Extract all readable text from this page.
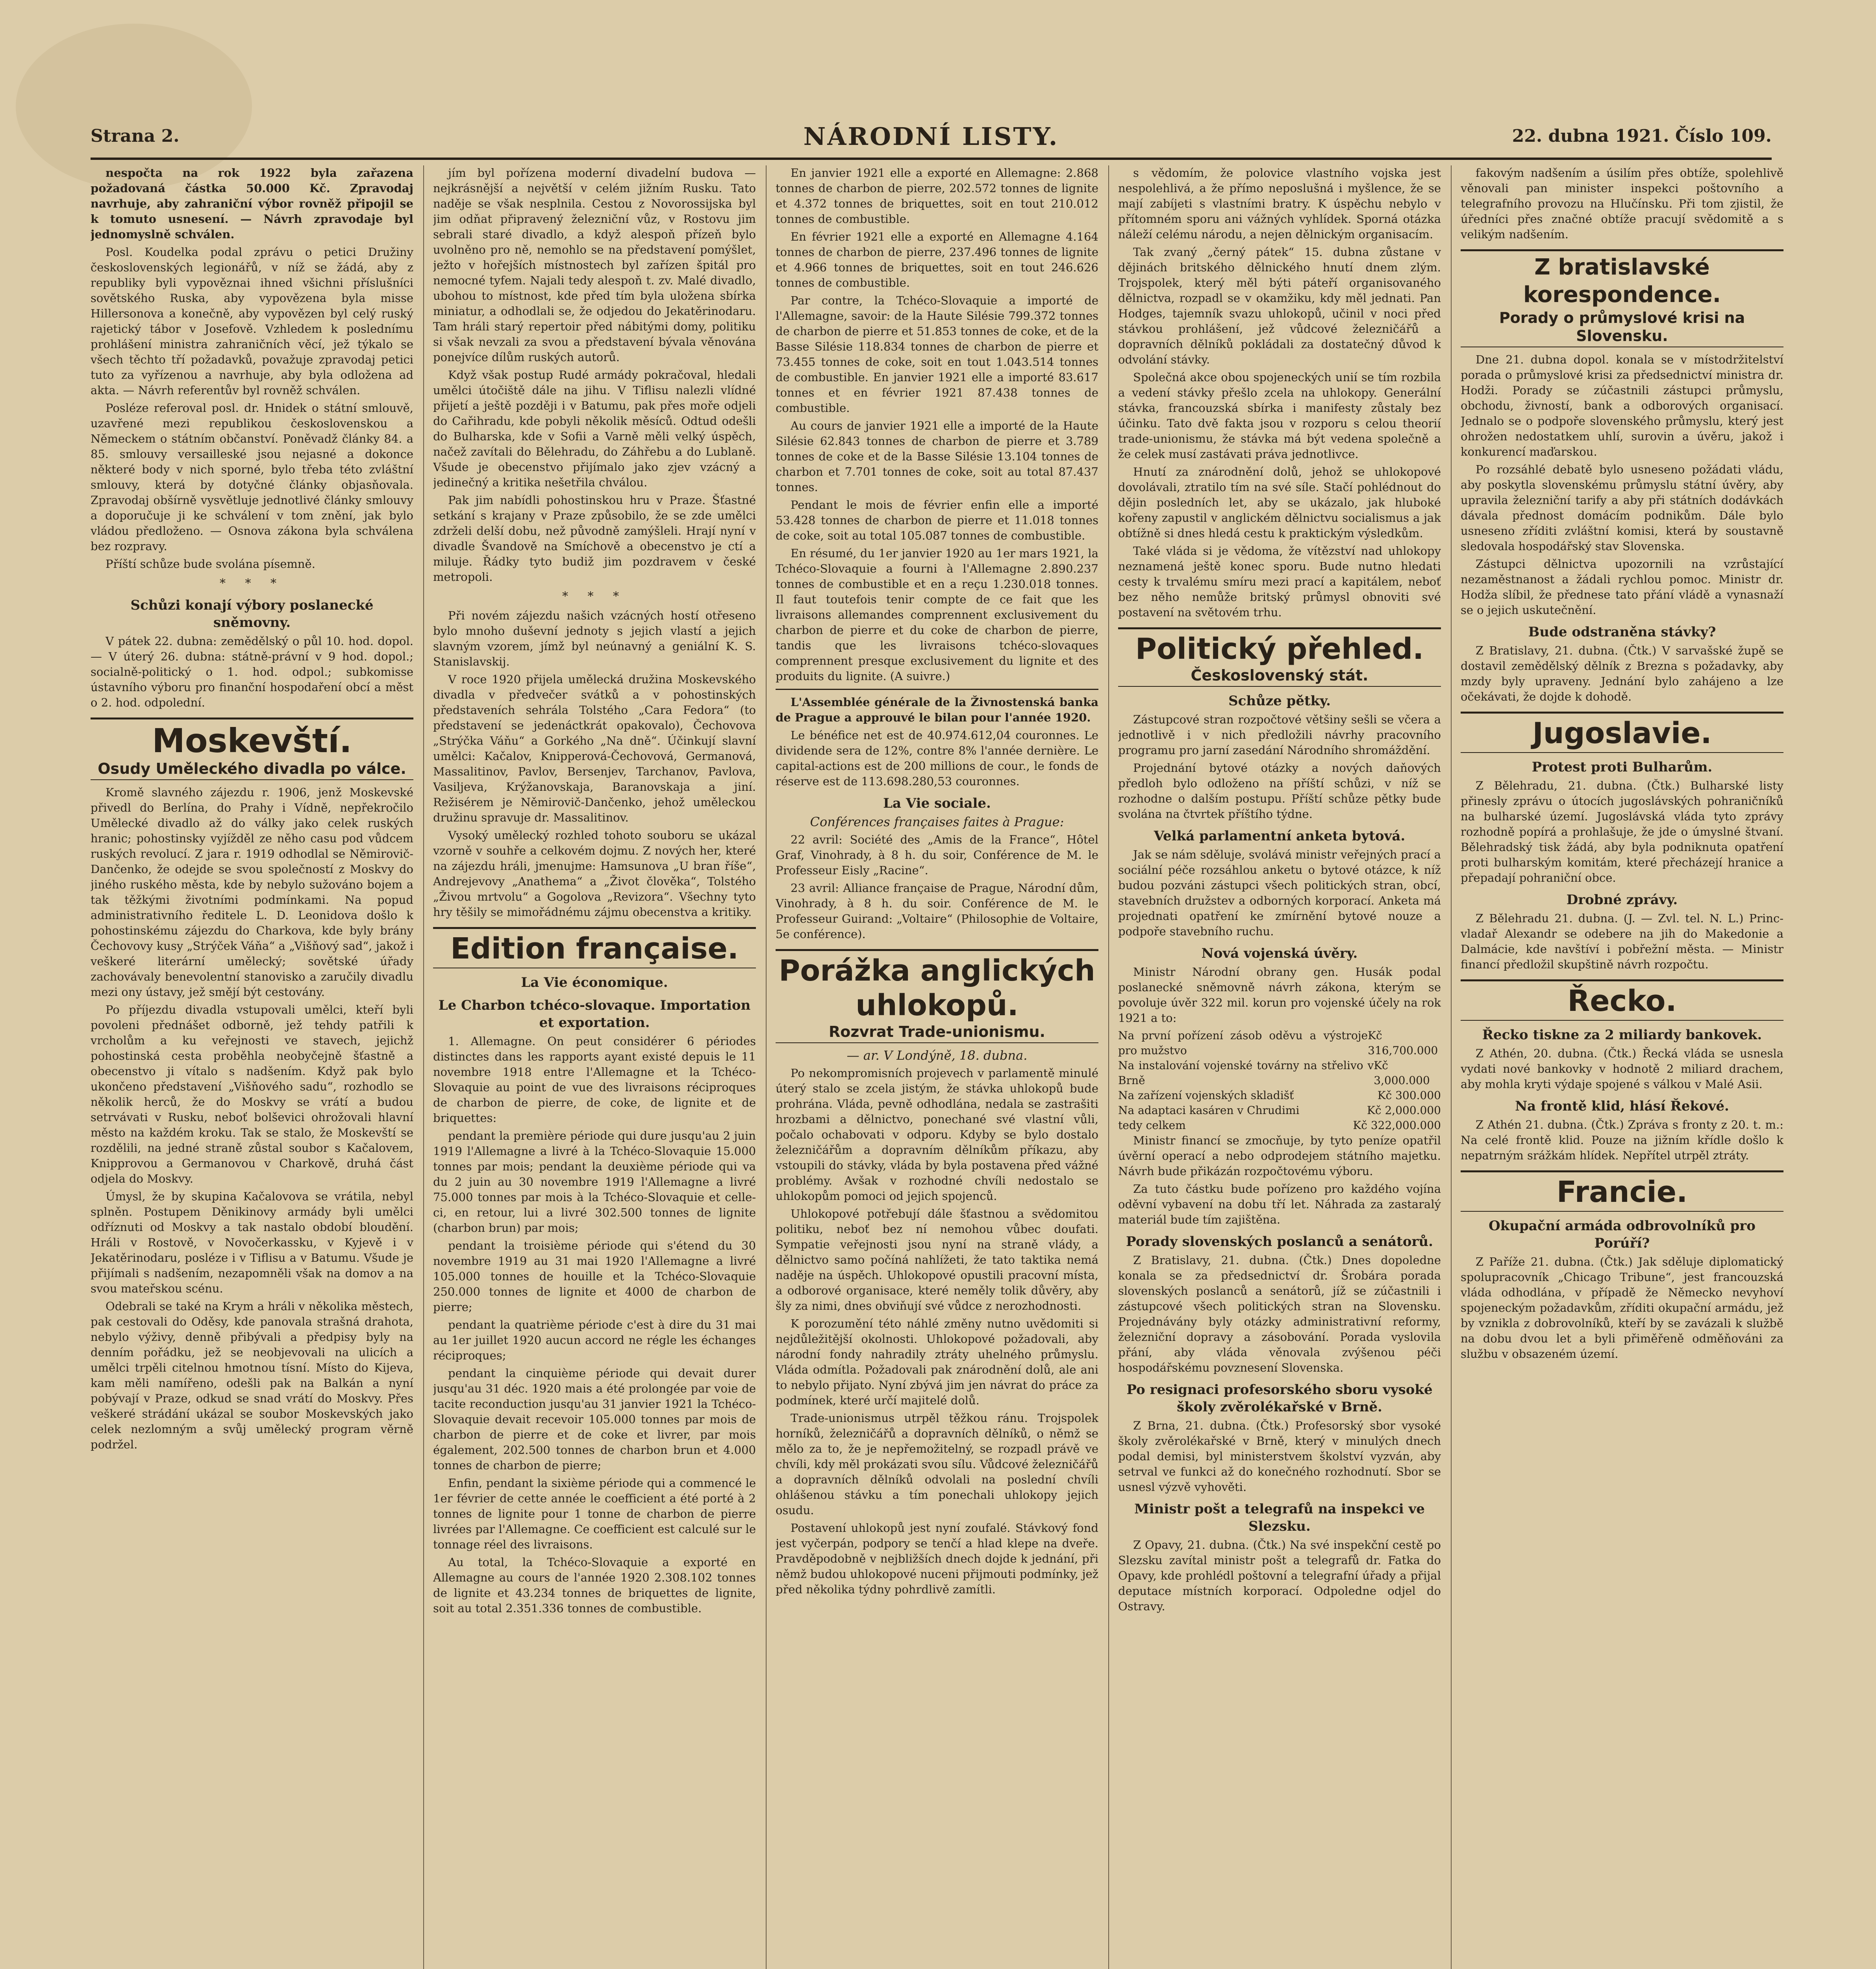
Strana 2.	NÁRODNÍ LISTY.	22. dubna 1921. Číslo 109.

nespočta na rok 1922 byla zařazena požadovaná částka 50.000 Kč. Zpravodaj navrhuje, aby zahraniční výbor rovněž připojil se k tomuto usnesení. — Návrh zpravodaje byl jednomyslně schválen.

Posl. Koudelka podal zprávu o petici Družiny československých legionářů, v níž se žádá, aby z republiky byli vypověznai ihned všichni příslušníci sovětského Ruska, aby vypovězena byla misse Hillersonova a konečně, aby vypovězen byl celý ruský rajetický tábor v Josefově. Vzhledem k poslednímu prohlášení ministra zahraničních věcí, jež týkalo se všech těchto tří požadavků, považuje zpravodaj petici tuto za vyřízenou a navrhuje, aby byla odložena ad akta. — Návrh referentův byl rovněž schválen.

Posléze referoval posl. dr. Hnidek o státní smlouvě, uzavřené mezi republikou československou a Německem o státním občanství. Poněvadž články 84. a 85. smlouvy versailleské jsou nejasné a dokonce některé body v nich sporné, bylo třeba této zvláštní smlouvy, která by dotyčné články objasňovala. Zpravodaj obšírně vysvětluje jednotlivé články smlouvy a doporučuje ji ke schválení v tom znění, jak bylo vládou předloženo. — Osnova zákona byla schválena bez rozpravy.

Příští schůze bude svolána písemně.

* * *
Schůzi konají výbory poslanecké sněmovny.

V pátek 22. dubna: zemědělský o půl 10. hod. dopol. — V úterý 26. dubna: státně-právní v 9 hod. dopol.; socialně-politický o 1. hod. odpol.; subkomisse ústavního výboru pro finanční hospodaření obcí a měst o 2. hod. odpolední.

Moskevští.
Osudy Uměleckého divadla po válce.

Kromě slavného zájezdu r. 1906, jenž Moskevské přivedl do Berlína, do Prahy i Vídně, nepřekročilo Umělecké divadlo až do války jako celek ruských hranic; pohostinsky vyjížděl ze něho casu pod vůdcem ruských revolucí. Z jara r. 1919 odhodlal se Němirovič-Dančenko, že odejde se svou společností z Moskvy do jiného ruského města, kde by nebylo sužováno bojem a tak těžkými životními podmínkami. Na popud administrativního ředitele L. D. Leonidova došlo k pohostinskému zájezdu do Charkova, kde byly brány Čechovovy kusy „Strýček Váňa“ a „Višňový sad“, jakož i veškeré literární umělecký; sovětské úřady zachovávaly benevolentní stanovisko a zaručily divadlu mezi ony ústavy, jež smějí být cestovány.

Po příjezdu divadla vstupovali umělci, kteří byli povoleni přednášet odborně, jež tehdy patřili k vrcholům a ku veřejnosti ve stavech, jejichž pohostinská cesta proběhla neobyčejně šťastně a obecenstvo ji vítalo s nadšením. Když pak bylo ukončeno představení „Višňového sadu“, rozhodlo se několik herců, že do Moskvy se vrátí a budou setrvávati v Rusku, neboť bolševici ohrožovali hlavní město na každém kroku. Tak se stalo, že Moskevští se rozdělili, na jedné straně zůstal soubor s Kačalovem, Knipprovou a Germanovou v Charkově, druhá část odjela do Moskvy.

Úmysl, že by skupina Kačalovova se vrátila, nebyl splněn. Postupem Děnikinovy armády byli umělci odříznuti od Moskvy a tak nastalo období bloudění. Hráli v Rostově, v Novočerkassku, v Kyjevě i v Jekatěrinodaru, posléze i v Tiflisu a v Batumu. Všude je přijímali s nadšením, nezapomněli však na domov a na svou mateřskou scénu.

Odebrali se také na Krym a hráli v několika městech, pak cestovali do Oděsy, kde panovala strašná drahota, nebylo výživy, denně přibývali a předpisy byly na denním pořádku, jež se neobjevovali na ulicích a umělci trpěli citelnou hmotnou tísní. Místo do Kijeva, kam měli namířeno, odešli pak na Balkán a nyní pobývají v Praze, odkud se snad vrátí do Moskvy. Přes veškeré strádání ukázal se soubor Moskevských jako celek nezlomným a svůj umělecký program věrně podržel.

jím byl pořízena moderní divadelní budova — nejkrásnější a největší v celém jižním Rusku. Tato naděje se však nesplnila. Cestou z Novorossijska byl jim odňat připravený železniční vůz, v Rostovu jim sebrali staré divadlo, a když alespoň přízeň bylo uvolněno pro ně, nemohlo se na představení pomýšlet, ježto v hořejších místnostech byl zařízen špitál pro nemocné tyfem. Najali tedy alespoň t. zv. Malé divadlo, ubohou to místnost, kde před tím byla uložena sbírka miniatur, a odhodlali se, že odjedou do Jekatěrinodaru. Tam hráli starý repertoir před nábitými domy, politiku si však nevzali za svou a představení bývala věnována ponejvíce dílům ruských autorů.

Když však postup Rudé armády pokračoval, hledali umělci útočiště dále na jihu. V Tiflisu nalezli vlídné přijetí a ještě později i v Batumu, pak přes moře odjeli do Cařihradu, kde pobyli několik měsíců. Odtud odešli do Bulharska, kde v Sofii a Varně měli velký úspěch, načež zavítali do Bělehradu, do Záhřebu a do Lublaně. Všude je obecenstvo přijímalo jako zjev vzácný a jedinečný a kritika nešetřila chválou.

Pak jim nabídli pohostinskou hru v Praze. Šťastné setkání s krajany v Praze způsobilo, že se zde umělci zdrželi delší dobu, než původně zamýšleli. Hrají nyní v divadle Švandově na Smíchově a obecenstvo je ctí a miluje. Řádky tyto budiž jim pozdravem v české metropoli.

* * *

Při novém zájezdu našich vzácných hostí otřeseno bylo mnoho duševní jednoty s jejich vlastí a jejich slavným vzorem, jímž byl neúnavný a geniální K. S. Stanislavskij.

V roce 1920 přijela umělecká družina Moskevského divadla v předvečer svátků a v pohostinských představeních sehrála Tolstého „Cara Fedora“ (to představení se jedenáctkrát opakovalo), Čechovova „Strýčka Váňu“ a Gorkého „Na dně“. Účinkují slavní umělci: Kačalov, Knipperová-Čechovová, Germanová, Massalitinov, Pavlov, Bersenjev, Tarchanov, Pavlova, Vasiljeva, Krýžanovskaja, Baranovskaja a jiní. Režisérem je Němirovič-Dančenko, jehož uměleckou družinu spravuje dr. Massalitinov.

Vysoký umělecký rozhled tohoto souboru se ukázal vzorně v souhře a celkovém dojmu. Z nových her, které na zájezdu hráli, jmenujme: Hamsunova „U bran říše“, Andrejevovy „Anathema“ a „Život člověka“, Tolstého „Živou mrtvolu“ a Gogolova „Revizora“. Všechny tyto hry těšily se mimořádnému zájmu obecenstva a kritiky.

Edition française.
La Vie économique.
Le Charbon tchéco-slovaque. Importation et exportation.

1. Allemagne. On peut considérer 6 périodes distinctes dans les rapports ayant existé depuis le 11 novembre 1918 entre l'Allemagne et la Tchéco-Slovaquie au point de vue des livraisons réciproques de charbon de pierre, de coke, de lignite et de briquettes:

pendant la première période qui dure jusqu'au 2 juin 1919 l'Allemagne a livré à la Tchéco-Slovaquie 15.000 tonnes par mois; pendant la deuxième période qui va du 2 juin au 30 novembre 1919 l'Allemagne a livré 75.000 tonnes par mois à la Tchéco-Slovaquie et celle-ci, en retour, lui a livré 302.500 tonnes de lignite (charbon brun) par mois;

pendant la troisième période qui s'étend du 30 novembre 1919 au 31 mai 1920 l'Allemagne a livré 105.000 tonnes de houille et la Tchéco-Slovaquie 250.000 tonnes de lignite et 4000 de charbon de pierre;

pendant la quatrième période c'est à dire du 31 mai au 1er juillet 1920 aucun accord ne régle les échanges réciproques;

pendant la cinquième période qui devait durer jusqu'au 31 déc. 1920 mais a été prolongée par voie de tacite reconduction jusqu'au 31 janvier 1921 la Tchéco-Slovaquie devait recevoir 105.000 tonnes par mois de charbon de pierre et de coke et livrer, par mois également, 202.500 tonnes de charbon brun et 4.000 tonnes de charbon de pierre;

Enfin, pendant la sixième période qui a commencé le 1er février de cette année le coefficient a été porté à 2 tonnes de lignite pour 1 tonne de charbon de pierre livrées par l'Allemagne. Ce coefficient est calculé sur le tonnage réel des livraisons.

Au total, la Tchéco-Slovaquie a exporté en Allemagne au cours de l'année 1920 2.308.102 tonnes de lignite et 43.234 tonnes de briquettes de lignite, soit au total 2.351.336 tonnes de combustible.

En janvier 1921 elle a exporté en Allemagne: 2.868 tonnes de charbon de pierre, 202.572 tonnes de lignite et 4.372 tonnes de briquettes, soit en tout 210.012 tonnes de combustible.

En février 1921 elle a exporté en Allemagne 4.164 tonnes de charbon de pierre, 237.496 tonnes de lignite et 4.966 tonnes de briquettes, soit en tout 246.626 tonnes de combustible.

Par contre, la Tchéco-Slovaquie a importé de l'Allemagne, savoir: de la Haute Silésie 799.372 tonnes de charbon de pierre et 51.853 tonnes de coke, et de la Basse Silésie 118.834 tonnes de charbon de pierre et 73.455 tonnes de coke, soit en tout 1.043.514 tonnes de combustible. En janvier 1921 elle a importé 83.617 tonnes et en février 1921 87.438 tonnes de combustible.

Au cours de janvier 1921 elle a importé de la Haute Silésie 62.843 tonnes de charbon de pierre et 3.789 tonnes de coke et de la Basse Silésie 13.104 tonnes de charbon et 7.701 tonnes de coke, soit au total 87.437 tonnes.

Pendant le mois de février enfin elle a importé 53.428 tonnes de charbon de pierre et 11.018 tonnes de coke, soit au total 105.087 tonnes de combustible.

En résumé, du 1er janvier 1920 au 1er mars 1921, la Tchéco-Slovaquie a fourni à l'Allemagne 2.890.237 tonnes de combustible et en a reçu 1.230.018 tonnes. Il faut toutefois tenir compte de ce fait que les livraisons allemandes comprennent exclusivement du charbon de pierre et du coke de charbon de pierre, tandis que les livraisons tchéco-slovaques comprennent presque exclusivement du lignite et des produits du lignite. (A suivre.)

L'Assemblée générale de la Živnostenská banka de Prague a approuvé le bilan pour l'année 1920.

Le bénéfice net est de 40.974.612,04 couronnes. Le dividende sera de 12%, contre 8% l'année dernière. Le capital-actions est de 200 millions de cour., le fonds de réserve est de 113.698.280,53 couronnes.

La Vie sociale.
Conférences françaises faites à Prague:

22 avril: Société des „Amis de la France“, Hôtel Graf, Vinohrady, à 8 h. du soir, Conférence de M. le Professeur Eisly „Racine“.

23 avril: Alliance française de Prague, Národní dům, Vinohrady, à 8 h. du soir. Conférence de M. le Professeur Guirand: „Voltaire“ (Philosophie de Voltaire, 5e conférence).

Porážka anglických uhlokopů.
Rozvrat Trade-unionismu.
— ar. V Londýně, 18. dubna.

Po nekompromisních projevech v parlamentě minulé úterý stalo se zcela jistým, že stávka uhlokopů bude prohrána. Vláda, pevně odhodlána, nedala se zastrašiti hrozbami a dělnictvo, ponechané své vlastní vůli, počalo ochabovati v odporu. Kdyby se bylo dostalo železničářům a dopravním dělníkům příkazu, aby vstoupili do stávky, vláda by byla postavena před vážné problémy. Avšak v rozhodné chvíli nedostalo se uhlokopům pomoci od jejich spojenců.

Uhlokopové potřebují dále šťastnou a svědomitou politiku, neboť bez ní nemohou vůbec doufati. Sympatie veřejnosti jsou nyní na straně vlády, a dělnictvo samo počíná nahlížeti, že tato taktika nemá naděje na úspěch. Uhlokopové opustili pracovní místa, a odborové organisace, které neměly tolik důvěry, aby šly za nimi, dnes obviňují své vůdce z nerozhodnosti.

K porozumění této náhlé změny nutno uvědomiti si nejdůležitější okolnosti. Uhlokopové požadovali, aby národní fondy nahradily ztráty uhelného průmyslu. Vláda odmítla. Požadovali pak znárodnění dolů, ale ani to nebylo přijato. Nyní zbývá jim jen návrat do práce za podmínek, které určí majitelé dolů.

Trade-unionismus utrpěl těžkou ránu. Trojspolek horníků, železničářů a dopravních dělníků, o němž se mělo za to, že je nepřemožitelný, se rozpadl právě ve chvíli, kdy měl prokázati svou sílu. Vůdcové železničářů a dopravních dělníků odvolali na poslední chvíli ohlášenou stávku a tím ponechali uhlokopy jejich osudu.

Postavení uhlokopů jest nyní zoufalé. Stávkový fond jest vyčerpán, podpory se tenčí a hlad klepe na dveře. Pravděpodobně v nejbližších dnech dojde k jednání, při němž budou uhlokopové nuceni přijmouti podmínky, jež před několika týdny pohrdlivě zamítli.

s vědomím, že polovice vlastního vojska jest nespolehlivá, a že přímo neposlušná i myšlence, že se mají zabíjeti s vlastními bratry. K úspěchu nebylo v přítomném sporu ani vážných vyhlídek. Sporná otázka náleží celému národu, a nejen dělnickým organisacím.

Tak zvaný „černý pátek“ 15. dubna zůstane v dějinách britského dělnického hnutí dnem zlým. Trojspolek, který měl býti páteří organisovaného dělnictva, rozpadl se v okamžiku, kdy měl jednati. Pan Hodges, tajemník svazu uhlokopů, učinil v noci před stávkou prohlášení, jež vůdcové železničářů a dopravních dělníků pokládali za dostatečný důvod k odvolání stávky.

Společná akce obou spojeneckých unií se tím rozbila a vedení stávky přešlo zcela na uhlokopy. Generální stávka, francouzská sbírka i manifesty zůstaly bez účinku. Tato dvě fakta jsou v rozporu s celou theorií trade-unionismu, že stávka má být vedena společně a že celek musí zastávati práva jednotlivce.

Hnutí za znárodnění dolů, jehož se uhlokopové dovolávali, ztratilo tím na své síle. Stačí pohlédnout do dějin posledních let, aby se ukázalo, jak hluboké kořeny zapustil v anglickém dělnictvu socialismus a jak obtížně si dnes hledá cestu k praktickým výsledkům.

Také vláda si je vědoma, že vítězství nad uhlokopy neznamená ještě konec sporu. Bude nutno hledati cesty k trvalému smíru mezi prací a kapitálem, neboť bez něho nemůže britský průmysl obnoviti své postavení na světovém trhu.

Politický přehled.
Československý stát.
Schůze pětky.

Zástupcové stran rozpočtové většiny sešli se včera a jednotlivě i v nich předložili návrhy pracovního programu pro jarní zasedání Národního shromáždění.

Projednání bytové otázky a nových daňových předloh bylo odloženo na příští schůzi, v níž se rozhodne o dalším postupu. Příští schůze pětky bude svolána na čtvrtek příštího týdne.

Velká parlamentní anketa bytová.

Jak se nám sděluje, svolává ministr veřejných prací a sociální péče rozsáhlou anketu o bytové otázce, k níž budou pozváni zástupci všech politických stran, obcí, stavebních družstev a odborných korporací. Anketa má projednati opatření ke zmírnění bytové nouze a podpoře stavebního ruchu.

Nová vojenská úvěry.

Ministr Národní obrany gen. Husák podal poslanecké sněmovně návrh zákona, kterým se povoluje úvěr 322 mil. korun pro vojenské účely na rok 1921 a to:

Na první pořízení zásob oděvu a výstroje pro mužstvo
Kč 316,700.000
Na instalování vojenské továrny na střelivo v Brně
Kč 3,000.000
Na zařízení vojenských skladišť	Kč 300.000
Na adaptaci kasáren v Chrudimi	Kč 2,000.000
tedy celkem	Kč 322,000.000

Ministr financí se zmocňuje, by tyto peníze opatřil úvěrní operací a nebo odprodejem státního majetku. Návrh bude přikázán rozpočtovému výboru.

Za tuto částku bude pořízeno pro každého vojína oděvní vybavení na dobu tří let. Náhrada za zastaralý materiál bude tím zajištěna.

Porady slovenských poslanců a senátorů.

Z Bratislavy, 21. dubna. (Čtk.) Dnes dopoledne konala se za předsednictví dr. Šrobára porada slovenských poslanců a senátorů, jíž se zúčastnili i zástupcové všech politických stran na Slovensku. Projednávány byly otázky administrativní reformy, železniční dopravy a zásobování. Porada vyslovila přání, aby vláda věnovala zvýšenou péči hospodářskému povznesení Slovenska.

Po resignaci profesorského sboru vysoké školy zvěrolékařské v Brně.

Z Brna, 21. dubna. (Čtk.) Profesorský sbor vysoké školy zvěrolékařské v Brně, který v minulých dnech podal demisi, byl ministerstvem školství vyzván, aby setrval ve funkci až do konečného rozhodnutí. Sbor se usnesl výzvě vyhověti.

Ministr pošt a telegrafů na inspekci ve Slezsku.

Z Opavy, 21. dubna. (Čtk.) Na své inspekční cestě po Slezsku zavítal ministr pošt a telegrafů dr. Fatka do Opavy, kde prohlédl poštovní a telegrafní úřady a přijal deputace místních korporací. Odpoledne odjel do Ostravy.

fakovým nadšením a úsilím přes obtíže, spolehlivě věnovali pan minister inspekci poštovního a telegrafního provozu na Hlučínsku. Při tom zjistil, že úředníci přes značné obtíže pracují svědomitě a s velikým nadšením.

Z bratislavské korespondence.
Porady o průmyslové krisi na Slovensku.

Dne 21. dubna dopol. konala se v místodržitelství porada o průmyslové krisi za předsednictví ministra dr. Hodži. Porady se zúčastnili zástupci průmyslu, obchodu, živností, bank a odborových organisací. Jednalo se o podpoře slovenského průmyslu, který jest ohrožen nedostatkem uhlí, surovin a úvěru, jakož i konkurencí maďarskou.

Po rozsáhlé debatě bylo usneseno požádati vládu, aby poskytla slovenskému průmyslu státní úvěry, aby upravila železniční tarify a aby při státních dodávkách dávala přednost domácím podnikům. Dále bylo usneseno zříditi zvláštní komisi, která by soustavně sledovala hospodářský stav Slovenska.

Zástupci dělnictva upozornili na vzrůstající nezaměstnanost a žádali rychlou pomoc. Ministr dr. Hodža slíbil, že přednese tato přání vládě a vynasnaží se o jejich uskutečnění.

Bude odstraněna stávky?

Z Bratislavy, 21. dubna. (Čtk.) V sarvašské župě se dostavil zemědělský dělník z Brezna s požadavky, aby mzdy byly upraveny. Jednání bylo zahájeno a lze očekávati, že dojde k dohodě.

Jugoslavie.
Protest proti Bulharům.

Z Bělehradu, 21. dubna. (Čtk.) Bulharské listy přinesly zprávu o útocích jugoslávských pohraničníků na bulharské území. Jugoslávská vláda tyto zprávy rozhodně popírá a prohlašuje, že jde o úmyslné štvaní. Bělehradský tisk žádá, aby byla podniknuta opatření proti bulharským komitám, které přecházejí hranice a přepadají pohraniční obce.

Drobné zprávy.

Z Bělehradu 21. dubna. (J. — Zvl. tel. N. L.) Princ-vladař Alexandr se odebere na jih do Makedonie a Dalmácie, kde navštíví i pobřežní města. — Ministr financí předložil skupštině návrh rozpočtu.

Řecko.
Řecko tiskne za 2 miliardy bankovek.

Z Athén, 20. dubna. (Čtk.) Řecká vláda se usnesla vydati nové bankovky v hodnotě 2 miliard drachem, aby mohla kryti výdaje spojené s válkou v Malé Asii.

Na frontě klid, hlásí Řekové.

Z Athén 21. dubna. (Čtk.) Zpráva s fronty z 20. t. m.: Na celé frontě klid. Pouze na jižním křídle došlo k nepatrným srážkám hlídek. Nepřítel utrpěl ztráty.

Francie.
Okupační armáda odbrovolníků pro Porúří?

Z Paříže 21. dubna. (Čtk.) Jak sděluje diplomatický spolupracovník „Chicago Tribune“, jest francouzská vláda odhodlána, v případě že Německo nevyhoví spojeneckým požadavkům, zříditi okupační armádu, jež by vznikla z dobrovolníků, kteří by se zavázali k službě na dobu dvou let a byli přiměřeně odměňováni za službu v obsazeném území.
